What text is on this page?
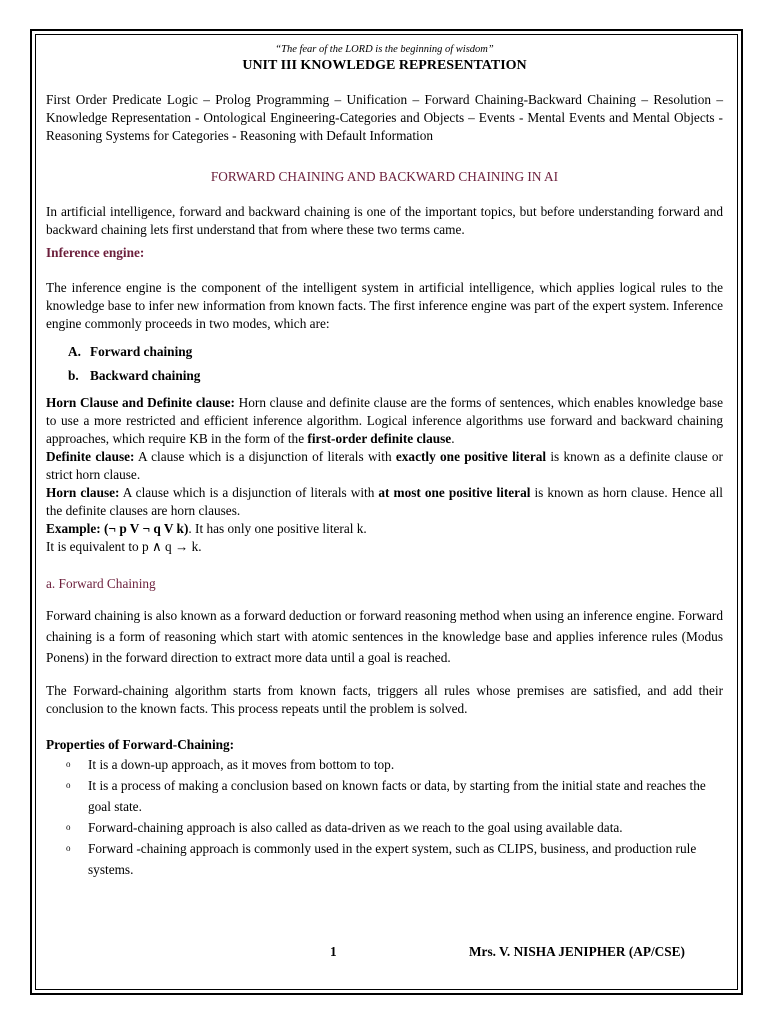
“The fear of the LORD is the beginning of wisdom”

UNIT III KNOWLEDGE REPRESENTATION

First Order Predicate Logic – Prolog Programming – Unification – Forward Chaining-Backward Chaining – Resolution – Knowledge Representation - Ontological Engineering-Categories and Objects – Events - Mental Events and Mental Objects - Reasoning Systems for Categories - Reasoning with Default Information

FORWARD CHAINING AND BACKWARD CHAINING IN AI

In artificial intelligence, forward and backward chaining is one of the important topics, but before understanding forward and backward chaining lets first understand that from where these two terms came.

Inference engine:

The inference engine is the component of the intelligent system in artificial intelligence, which applies logical rules to the knowledge base to infer new information from known facts. The first inference engine was part of the expert system. Inference engine commonly proceeds in two modes, which are:

A. Forward chaining
b. Backward chaining

Horn Clause and Definite clause: Horn clause and definite clause are the forms of sentences, which enables knowledge base to use a more restricted and efficient inference algorithm. Logical inference algorithms use forward and backward chaining approaches, which require KB in the form of the first-order definite clause.

Definite clause: A clause which is a disjunction of literals with exactly one positive literal is known as a definite clause or strict horn clause.

Horn clause: A clause which is a disjunction of literals with at most one positive literal is known as horn clause. Hence all the definite clauses are horn clauses.

Example: (¬ p V ¬ q V k). It has only one positive literal k.

It is equivalent to p ∧ q → k.

a. Forward Chaining

Forward chaining is also known as a forward deduction or forward reasoning method when using an inference engine. Forward chaining is a form of reasoning which start with atomic sentences in the knowledge base and applies inference rules (Modus Ponens) in the forward direction to extract more data until a goal is reached.

The Forward-chaining algorithm starts from known facts, triggers all rules whose premises are satisfied, and add their conclusion to the known facts. This process repeats until the problem is solved.

Properties of Forward-Chaining:

o It is a down-up approach, as it moves from bottom to top.
o It is a process of making a conclusion based on known facts or data, by starting from the initial state and reaches the goal state.
o Forward-chaining approach is also called as data-driven as we reach to the goal using available data.
o Forward -chaining approach is commonly used in the expert system, such as CLIPS, business, and production rule systems.
1	Mrs. V. NISHA JENIPHER (AP/CSE)
